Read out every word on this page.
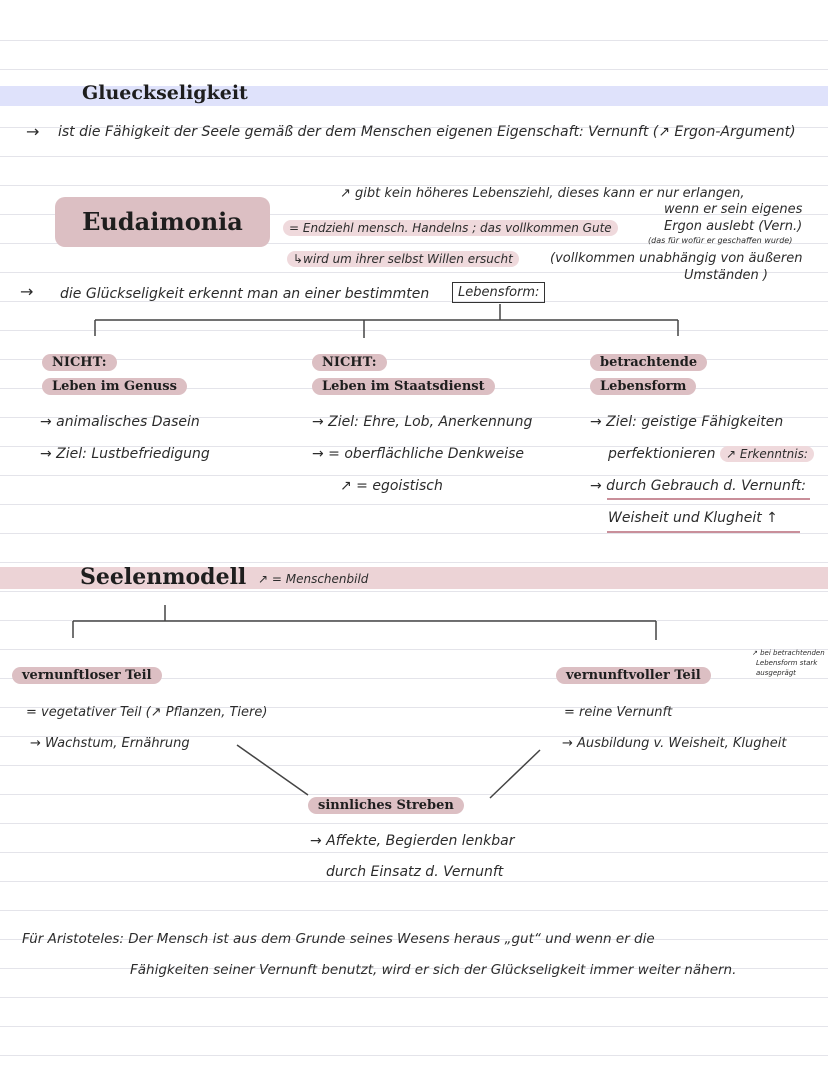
Glueckseligkeit
→ ist die Fähigkeit der Seele gemäß der dem Menschen eigenen Eigenschaft: Vernunft (↗ Ergon-Argument)
Eudaimonia
↗ gibt kein höheres Lebensziehl, dieses kann er nur erlangen,
wenn er sein eigenes
Ergon auslebt (Vern.)
(das für wofür er geschaffen wurde)
= Endziehl mensch. Handelns ; das vollkommen Gute
↳wird um ihrer selbst Willen ersucht	(vollkommen unabhängig von äußeren
Umständen )
→ die Glückseligkeit erkennt man an einer bestimmten	Lebensform:
NICHT:
Leben im Genuss
→ animalisches Dasein
→ Ziel: Lustbefriedigung
NICHT:
Leben im Staatsdienst
→ Ziel: Ehre, Lob, Anerkennung
→ = oberflächliche Denkweise
↗ = egoistisch
betrachtende
Lebensform
→ Ziel: geistige Fähigkeiten
perfektionieren ↗ Erkenntnis:
→ durch Gebrauch d. Vernunft:
Weisheit und Klugheit ↑
Seelenmodell ↗ = Menschenbild
vernunftloser Teil
= vegetativer Teil (↗ Pflanzen, Tiere)
→ Wachstum, Ernährung
vernunftvoller Teil
↗ bei betrachtenden
Lebensform stark
ausgeprägt
= reine Vernunft
→ Ausbildung v. Weisheit, Klugheit
sinnliches Streben
→ Affekte, Begierden lenkbar
durch Einsatz d. Vernunft
Für Aristoteles: Der Mensch ist aus dem Grunde seines Wesens heraus „gut“ und wenn er die
Fähigkeiten seiner Vernunft benutzt, wird er sich der Glückseligkeit immer weiter nähern.
